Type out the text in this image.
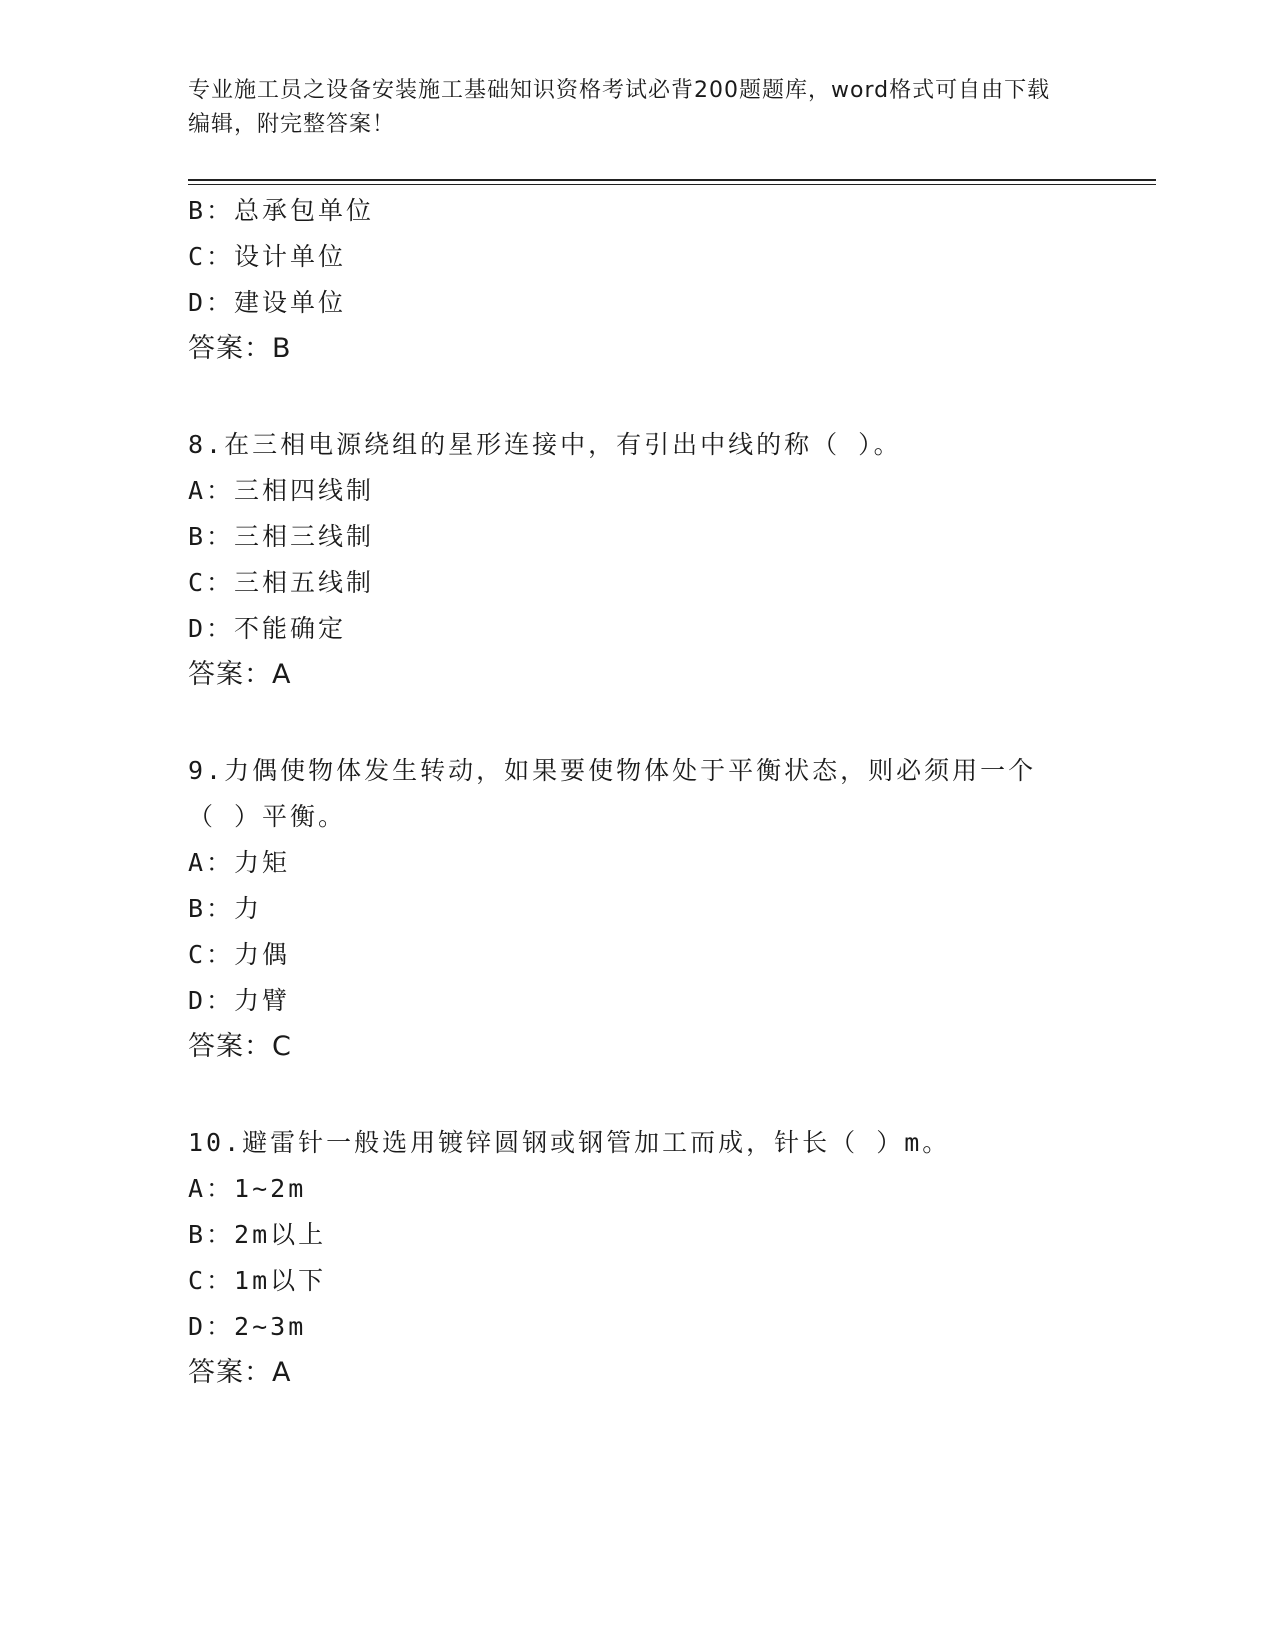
专业施工员之设备安装施工基础知识资格考试必背200题题库，word格式可自由下载编辑，附完整答案！
B：总承包单位
C：设计单位
D：建设单位
答案：B
8.在三相电源绕组的星形连接中，有引出中线的称（ ）。
A：三相四线制
B：三相三线制
C：三相五线制
D：不能确定
答案：A
9.力偶使物体发生转动，如果要使物体处于平衡状态，则必须用一个
（ ）平衡。
A：力矩
B：力
C：力偶
D：力臂
答案：C
10.避雷针一般选用镀锌圆钢或钢管加工而成，针长（ ）m。
A：1~2m
B：2m以上
C：1m以下
D：2~3m
答案：A
